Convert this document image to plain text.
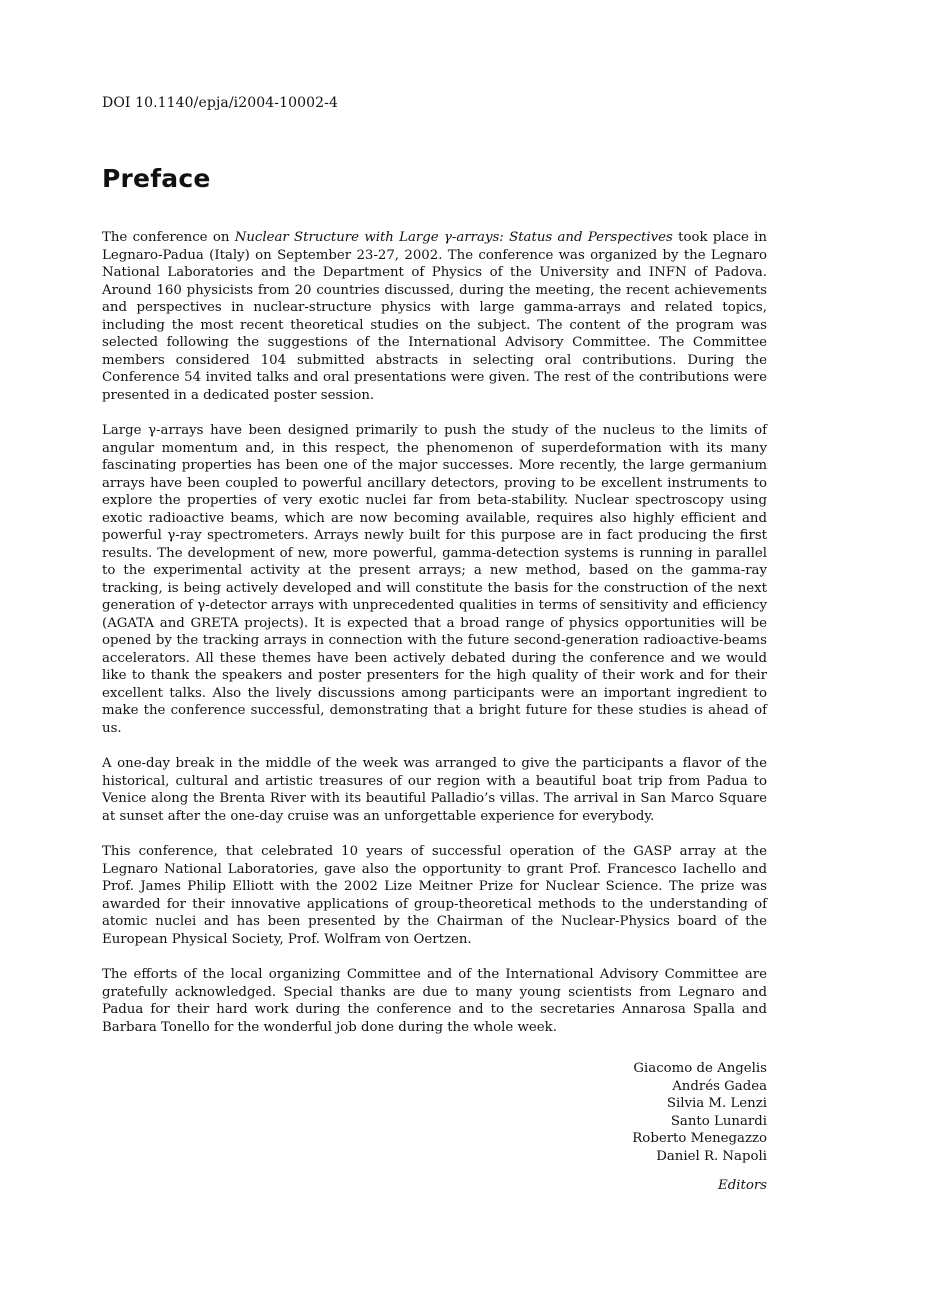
DOI 10.1140/epja/i2004-10002-4
Preface

The conference on Nuclear Structure with Large γ-arrays: Status and Perspectives took place in Legnaro-Padua (Italy) on September 23-27, 2002. The conference was organized by the Legnaro National Laboratories and the Department of Physics of the University and INFN of Padova. Around 160 physicists from 20 countries discussed, during the meeting, the recent achievements and perspectives in nuclear-structure physics with large gamma-arrays and related topics, including the most recent theoretical studies on the subject. The content of the program was selected following the suggestions of the International Advisory Committee. The Committee members considered 104 submitted abstracts in selecting oral contributions. During the Conference 54 invited talks and oral presentations were given. The rest of the contributions were presented in a dedicated poster session.

Large γ-arrays have been designed primarily to push the study of the nucleus to the limits of angular momentum and, in this respect, the phenomenon of superdeformation with its many fascinating properties has been one of the major successes. More recently, the large germanium arrays have been coupled to powerful ancillary detectors, proving to be excellent instruments to explore the properties of very exotic nuclei far from beta-stability. Nuclear spectroscopy using exotic radioactive beams, which are now becoming available, requires also highly efficient and powerful γ-ray spectrometers. Arrays newly built for this purpose are in fact producing the first results. The development of new, more powerful, gamma-detection systems is running in parallel to the experimental activity at the present arrays; a new method, based on the gamma-ray tracking, is being actively developed and will constitute the basis for the construction of the next generation of γ-detector arrays with unprecedented qualities in terms of sensitivity and efficiency (AGATA and GRETA projects). It is expected that a broad range of physics opportunities will be opened by the tracking arrays in connection with the future second-generation radioactive-beams accelerators. All these themes have been actively debated during the conference and we would like to thank the speakers and poster presenters for the high quality of their work and for their excellent talks. Also the lively discussions among participants were an important ingredient to make the conference successful, demonstrating that a bright future for these studies is ahead of us.

A one-day break in the middle of the week was arranged to give the participants a flavor of the historical, cultural and artistic treasures of our region with a beautiful boat trip from Padua to Venice along the Brenta River with its beautiful Palladio’s villas. The arrival in San Marco Square at sunset after the one-day cruise was an unforgettable experience for everybody.

This conference, that celebrated 10 years of successful operation of the GASP array at the Legnaro National Laboratories, gave also the opportunity to grant Prof. Francesco Iachello and Prof. James Philip Elliott with the 2002 Lize Meitner Prize for Nuclear Science. The prize was awarded for their innovative applications of group-theoretical methods to the understanding of atomic nuclei and has been presented by the Chairman of the Nuclear-Physics board of the European Physical Society, Prof. Wolfram von Oertzen.

The efforts of the local organizing Committee and of the International Advisory Committee are gratefully acknowledged. Special thanks are due to many young scientists from Legnaro and Padua for their hard work during the conference and to the secretaries Annarosa Spalla and Barbara Tonello for the wonderful job done during the whole week.

Giacomo de Angelis
Andrés Gadea
Silvia M. Lenzi
Santo Lunardi
Roberto Menegazzo
Daniel R. Napoli
Editors
